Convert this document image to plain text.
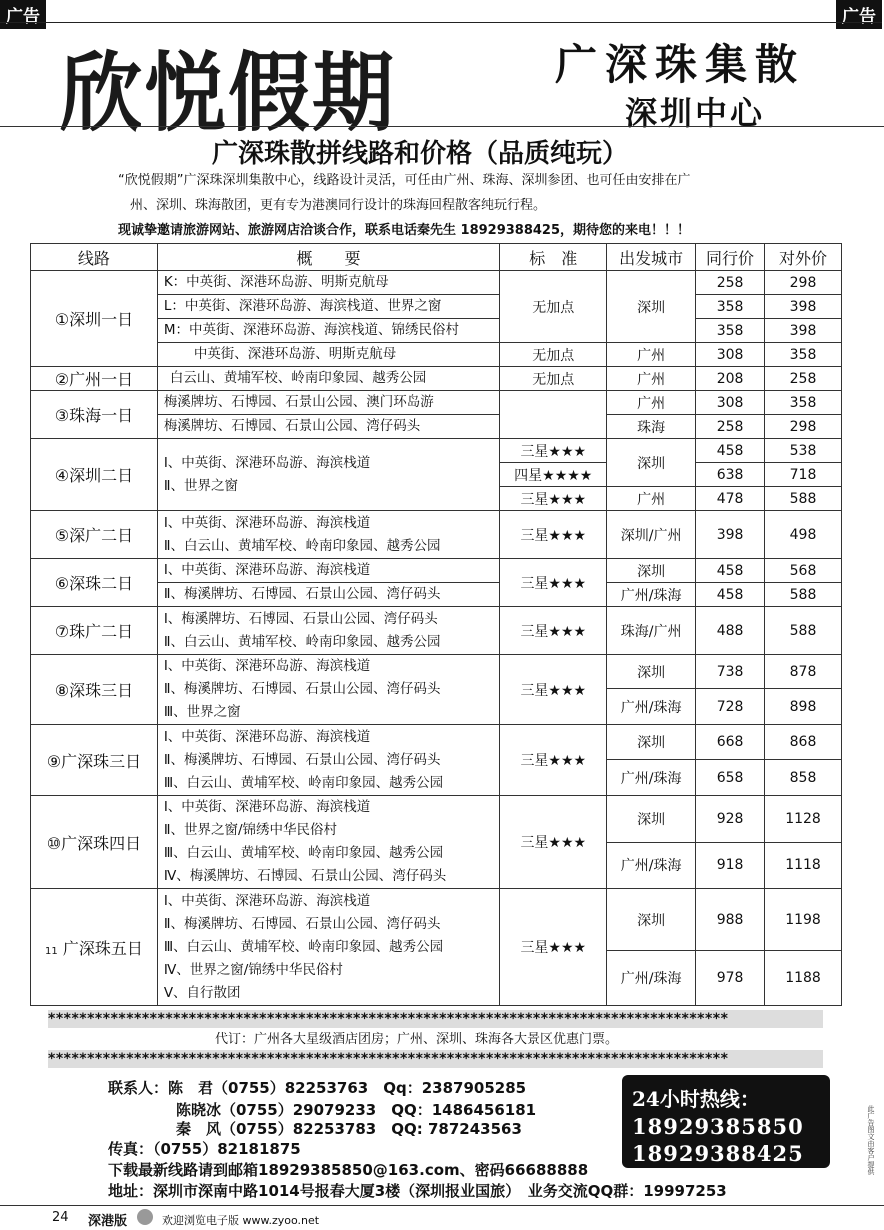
广告	广告
欣悦假期	广深珠集散
深圳中心
广深珠散拼线路和价格（品质纯玩）
“欣悦假期”广深珠深圳集散中心，线路设计灵活，可任由广州、珠海、深圳参团、也可任由安排在广
州、深圳、珠海散团，更有专为港澳同行设计的珠海回程散客纯玩行程。
现诚挚邀请旅游网站、旅游网店洽谈合作，联系电话秦先生 18929388425，期待您的来电！！！
线路	概　　要	标　准	出发城市	同行价	对外价
①深圳一日	K：中英街、深港环岛游、明斯克航母	无加点	深圳	258	298
	L：中英街、深港环岛游、海滨栈道、世界之窗			358	398
	M：中英街、深港环岛游、海滨栈道、锦绣民俗村			358	398
	中英街、深港环岛游、明斯克航母	无加点	广州	308	358
②广州一日	白云山、黄埔军校、岭南印象园、越秀公园	无加点	广州	208	258
③珠海一日	梅溪牌坊、石博园、石景山公园、澳门环岛游		广州	308	358
	梅溪牌坊、石博园、石景山公园、湾仔码头		珠海	258	298
④深圳二日	Ⅰ、中英街、深港环岛游、海滨栈道
Ⅱ、世界之窗	三星★★★	深圳	458	538
		四星★★★★		638	718
		三星★★★	广州	478	588
⑤深广二日	Ⅰ、中英街、深港环岛游、海滨栈道
Ⅱ、白云山、黄埔军校、岭南印象园、越秀公园	三星★★★	深圳/广州	398	498
⑥深珠二日	Ⅰ、中英街、深港环岛游、海滨栈道	三星★★★	深圳	458	568
	Ⅱ、梅溪牌坊、石博园、石景山公园、湾仔码头		广州/珠海	458	588
⑦珠广二日	Ⅰ、梅溪牌坊、石博园、石景山公园、湾仔码头
Ⅱ、白云山、黄埔军校、岭南印象园、越秀公园	三星★★★	珠海/广州	488	588
⑧深珠三日	Ⅰ、中英街、深港环岛游、海滨栈道
Ⅱ、梅溪牌坊、石博园、石景山公园、湾仔码头
Ⅲ、世界之窗	三星★★★	深圳	738	878
			广州/珠海	728	898
⑨广深珠三日	Ⅰ、中英街、深港环岛游、海滨栈道
Ⅱ、梅溪牌坊、石博园、石景山公园、湾仔码头
Ⅲ、白云山、黄埔军校、岭南印象园、越秀公园	三星★★★	深圳	668	868
			广州/珠海	658	858
⑩广深珠四日	Ⅰ、中英街、深港环岛游、海滨栈道
Ⅱ、世界之窗/锦绣中华民俗村
Ⅲ、白云山、黄埔军校、岭南印象园、越秀公园
Ⅳ、梅溪牌坊、石博园、石景山公园、湾仔码头	三星★★★	深圳	928	1128
			广州/珠海	918	1118
11 广深珠五日	Ⅰ、中英街、深港环岛游、海滨栈道
Ⅱ、梅溪牌坊、石博园、石景山公园、湾仔码头
Ⅲ、白云山、黄埔军校、岭南印象园、越秀公园
Ⅳ、世界之窗/锦绣中华民俗村
V、自行散团	三星★★★	深圳	988	1198
			广州/珠海	978	1188
***************************************************************************************
代订：广州各大星级酒店团房；广州、深圳、珠海各大景区优惠门票。
***************************************************************************************
联系人：陈　君（0755）82253763　Qq：2387905285
陈晓冰（0755）29079233　QQ：1486456181
秦　风（0755）82253783　QQ: 787243563
传真：（0755）82181875
下载最新线路请到邮箱18929385850@163.com、密码66688888
地址：深圳市深南中路1014号报春大厦3楼（深圳报业国旅）　业务交流QQ群：19997253
24小时热线：
18929385850
18929388425
24 深港版	欢迎浏览电子版 www.zyoo.net
此广告图文由客户提供
